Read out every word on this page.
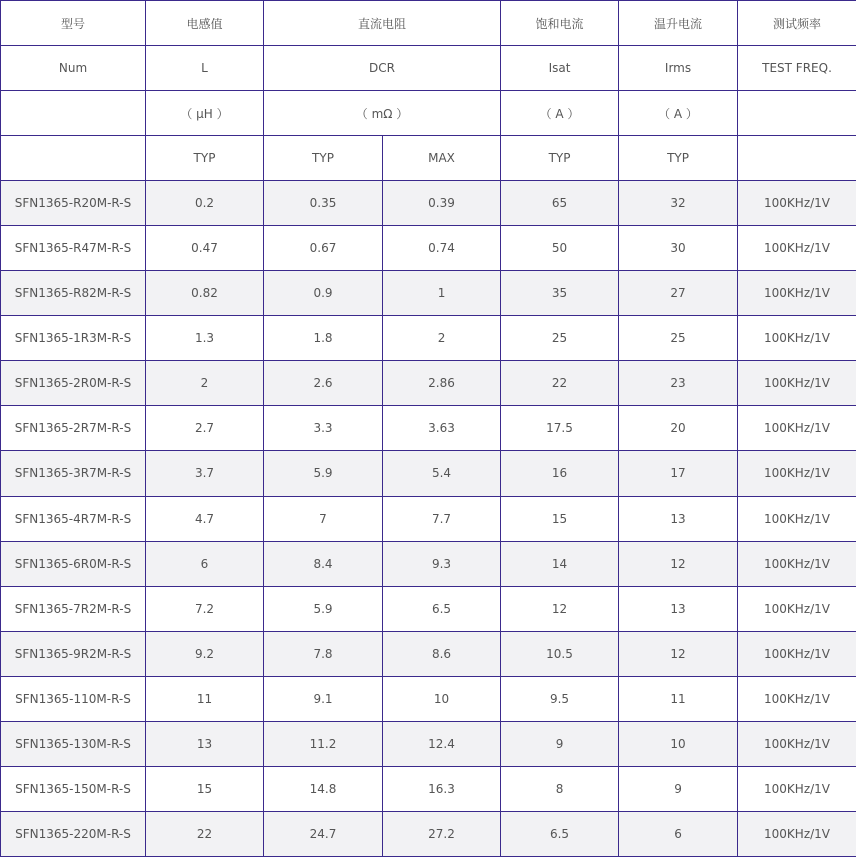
型号	电感值	直流电阻		饱和电流	温升电流	测试频率
Num	L	DCR		Isat	Irms	TEST FREQ.
	（ μH ）	（ mΩ ）		（ A ）	（ A ）	
	TYP	TYP	MAX	TYP	TYP	
SFN1365-R20M-R-S	0.2	0.35	0.39	65	32	100KHz/1V
SFN1365-R47M-R-S	0.47	0.67	0.74	50	30	100KHz/1V
SFN1365-R82M-R-S	0.82	0.9	1	35	27	100KHz/1V
SFN1365-1R3M-R-S	1.3	1.8	2	25	25	100KHz/1V
SFN1365-2R0M-R-S	2	2.6	2.86	22	23	100KHz/1V
SFN1365-2R7M-R-S	2.7	3.3	3.63	17.5	20	100KHz/1V
SFN1365-3R7M-R-S	3.7	5.9	5.4	16	17	100KHz/1V
SFN1365-4R7M-R-S	4.7	7	7.7	15	13	100KHz/1V
SFN1365-6R0M-R-S	6	8.4	9.3	14	12	100KHz/1V
SFN1365-7R2M-R-S	7.2	5.9	6.5	12	13	100KHz/1V
SFN1365-9R2M-R-S	9.2	7.8	8.6	10.5	12	100KHz/1V
SFN1365-110M-R-S	11	9.1	10	9.5	11	100KHz/1V
SFN1365-130M-R-S	13	11.2	12.4	9	10	100KHz/1V
SFN1365-150M-R-S	15	14.8	16.3	8	9	100KHz/1V
SFN1365-220M-R-S	22	24.7	27.2	6.5	6	100KHz/1V
